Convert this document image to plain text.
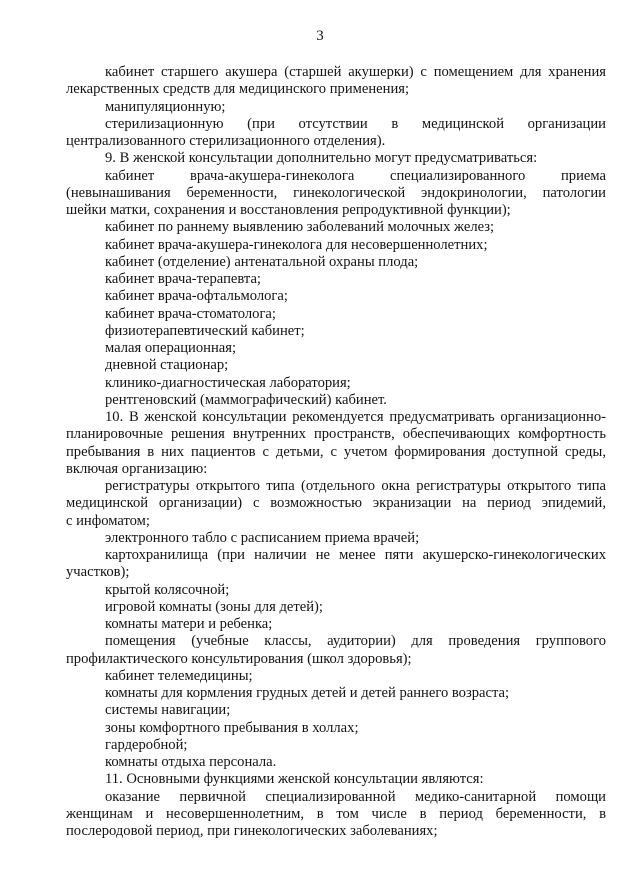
3
кабинет старшего акушера (старшей акушерки) с помещением для хранения
лекарственных средств для медицинского применения;
манипуляционную;
стерилизационную (при отсутствии в медицинской организации
централизованного стерилизационного отделения).
9. В женской консультации дополнительно могут предусматриваться:
кабинет врача-акушера-гинеколога специализированного приема
(невынашивания беременности, гинекологической эндокринологии, патологии
шейки матки, сохранения и восстановления репродуктивной функции);
кабинет по раннему выявлению заболеваний молочных желез;
кабинет врача-акушера-гинеколога для несовершеннолетних;
кабинет (отделение) антенатальной охраны плода;
кабинет врача-терапевта;
кабинет врача-офтальмолога;
кабинет врача-стоматолога;
физиотерапевтический кабинет;
малая операционная;
дневной стационар;
клинико-диагностическая лаборатория;
рентгеновский (маммографический) кабинет.
10. В женской консультации рекомендуется предусматривать организационно-
планировочные решения внутренних пространств, обеспечивающих комфортность
пребывания в них пациентов с детьми, с учетом формирования доступной среды,
включая организацию:
регистратуры открытого типа (отдельного окна регистратуры открытого типа
медицинской организации) с возможностью экранизации на период эпидемий,
с инфоматом;
электронного табло с расписанием приема врачей;
картохранилища (при наличии не менее пяти акушерско-гинекологических
участков);
крытой колясочной;
игровой комнаты (зоны для детей);
комнаты матери и ребенка;
помещения (учебные классы, аудитории) для проведения группового
профилактического консультирования (школ здоровья);
кабинет телемедицины;
комнаты для кормления грудных детей и детей раннего возраста;
системы навигации;
зоны комфортного пребывания в холлах;
гардеробной;
комнаты отдыха персонала.
11. Основными функциями женской консультации являются:
оказание первичной специализированной медико-санитарной помощи
женщинам и несовершеннолетним, в том числе в период беременности, в
послеродовой период, при гинекологических заболеваниях;
